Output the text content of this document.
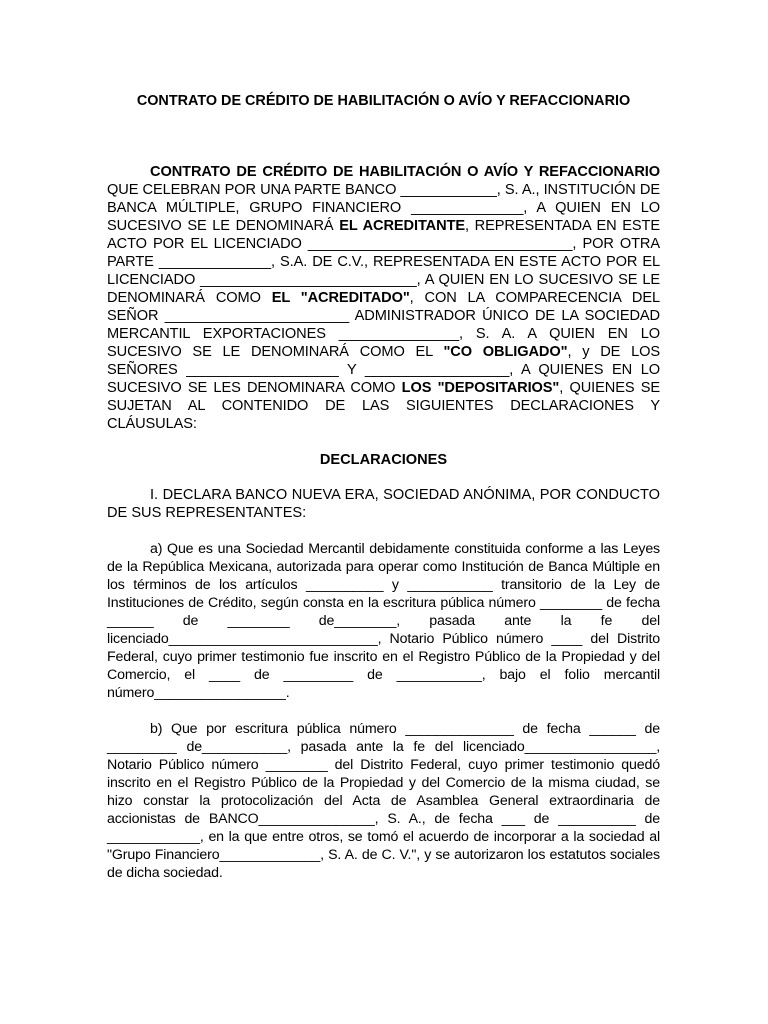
CONTRATO DE CRÉDITO DE HABILITACIÓN O AVÍO Y REFACCIONARIO

CONTRATO DE CRÉDITO DE HABILITACIÓN O AVÍO Y REFACCIONARIO QUE CELEBRAN POR UNA PARTE BANCO ____________, S. A., INSTITUCIÓN DE BANCA MÚLTIPLE, GRUPO FINANCIERO ______________, A QUIEN EN LO SUCESIVO SE LE DENOMINARÁ EL ACREDITANTE, REPRESENTADA EN ESTE ACTO POR EL LICENCIADO _________________________________, POR OTRA PARTE ______________, S.A. DE C.V., REPRESENTADA EN ESTE ACTO POR EL LICENCIADO ___________________________, A QUIEN EN LO SUCESIVO SE LE DENOMINARÁ COMO EL "ACREDITADO", CON LA COMPARECENCIA DEL SEÑOR _______________________ ADMINISTRADOR ÚNICO DE LA SOCIEDAD MERCANTIL EXPORTACIONES _______________, S. A. A QUIEN EN LO SUCESIVO SE LE DENOMINARÁ COMO EL "CO OBLIGADO", y DE LOS SEÑORES ___________________ Y __________________, A QUIENES EN LO SUCESIVO SE LES DENOMINARA COMO LOS "DEPOSITARIOS", QUIENES SE SUJETAN AL CONTENIDO DE LAS SIGUIENTES DECLARACIONES Y CLÁUSULAS:

DECLARACIONES

I. DECLARA BANCO NUEVA ERA, SOCIEDAD ANÓNIMA, POR CONDUCTO DE SUS REPRESENTANTES:

a) Que es una Sociedad Mercantil debidamente constituida conforme a las Leyes de la República Mexicana, autorizada para operar como Institución de Banca Múltiple en los términos de los artículos __________ y ___________ transitorio de la Ley de Instituciones de Crédito, según consta en la escritura pública número ________ de fecha ______ de ________ de________, pasada ante la fe del licenciado___________________________, Notario Público número ____ del Distrito Federal, cuyo primer testimonio fue inscrito en el Registro Público de la Propiedad y del Comercio, el ____ de _________ de ___________, bajo el folio mercantil número_________________.

b) Que por escritura pública número ______________ de fecha ______ de _________ de___________, pasada ante la fe del licenciado_________________, Notario Público número ________ del Distrito Federal, cuyo primer testimonio quedó inscrito en el Registro Público de la Propiedad y del Comercio de la misma ciudad, se hizo constar la protocolización del Acta de Asamblea General extraordinaria de accionistas de BANCO_______________, S. A., de fecha ___ de __________ de ____________, en la que entre otros, se tomó el acuerdo de incorporar a la sociedad al "Grupo Financiero_____________, S. A. de C. V.", y se autorizaron los estatutos sociales de dicha sociedad.
